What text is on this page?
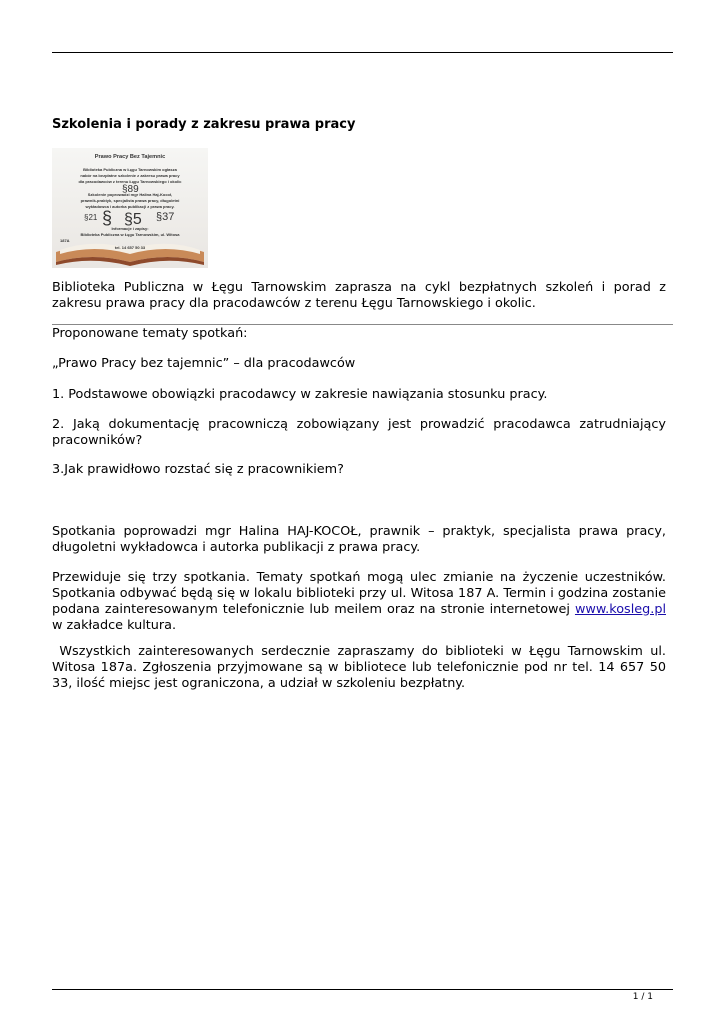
Szkolenia i porady z zakresu prawa pracy
§89
§5 §37
§21 §
Prawo Pracy Bez Tajemnic
Biblioteka Publiczna w Łęgu Tarnowskim ogłasza
nabór na bezpłatne szkolenie z zakresu prawa pracy
dla pracodawców z terenu Łęgu Tarnowskiego i okolic
Szkolenie poprowadzi mgr Halina Haj-Kocoł,
prawnik-praktyk, specjalista prawa pracy, długoletni
wykładowca i autorka publikacji z prawa pracy.
Informacje i zapisy:
Biblioteka Publiczna w Łęgu Tarnowskim, ul. Witosa
187A
tel. 14 657 50 33

Biblioteka Publiczna w Łęgu Tarnowskim zaprasza na cykl bezpłatnych szkoleń i porad z zakresu prawa pracy dla pracodawców z terenu Łęgu Tarnowskiego i okolic.

Proponowane tematy spotkań:

„Prawo Pracy bez tajemnic” – dla pracodawców

1. Podstawowe obowiązki pracodawcy w zakresie nawiązania stosunku pracy.

2. Jaką dokumentację pracowniczą zobowiązany jest prowadzić pracodawca zatrudniający pracowników?

3.Jak prawidłowo rozstać się z pracownikiem?

Spotkania poprowadzi mgr Halina HAJ-KOCOŁ, prawnik – praktyk, specjalista prawa pracy, długoletni wykładowca i autorka publikacji z prawa pracy.

Przewiduje się trzy spotkania. Tematy spotkań mogą ulec zmianie na życzenie uczestników. Spotkania odbywać będą się w lokalu biblioteki przy ul. Witosa 187 A. Termin i godzina zostanie podana zainteresowanym telefonicznie lub meilem oraz na stronie internetowej www.kosleg.pl w zakładce kultura.

Wszystkich zainteresowanych serdecznie zapraszamy do biblioteki w Łęgu Tarnowskim ul. Witosa 187a. Zgłoszenia przyjmowane są w bibliotece lub telefonicznie pod nr tel. 14 657 50 33, ilość miejsc jest ograniczona, a udział w szkoleniu bezpłatny.

1 / 1
